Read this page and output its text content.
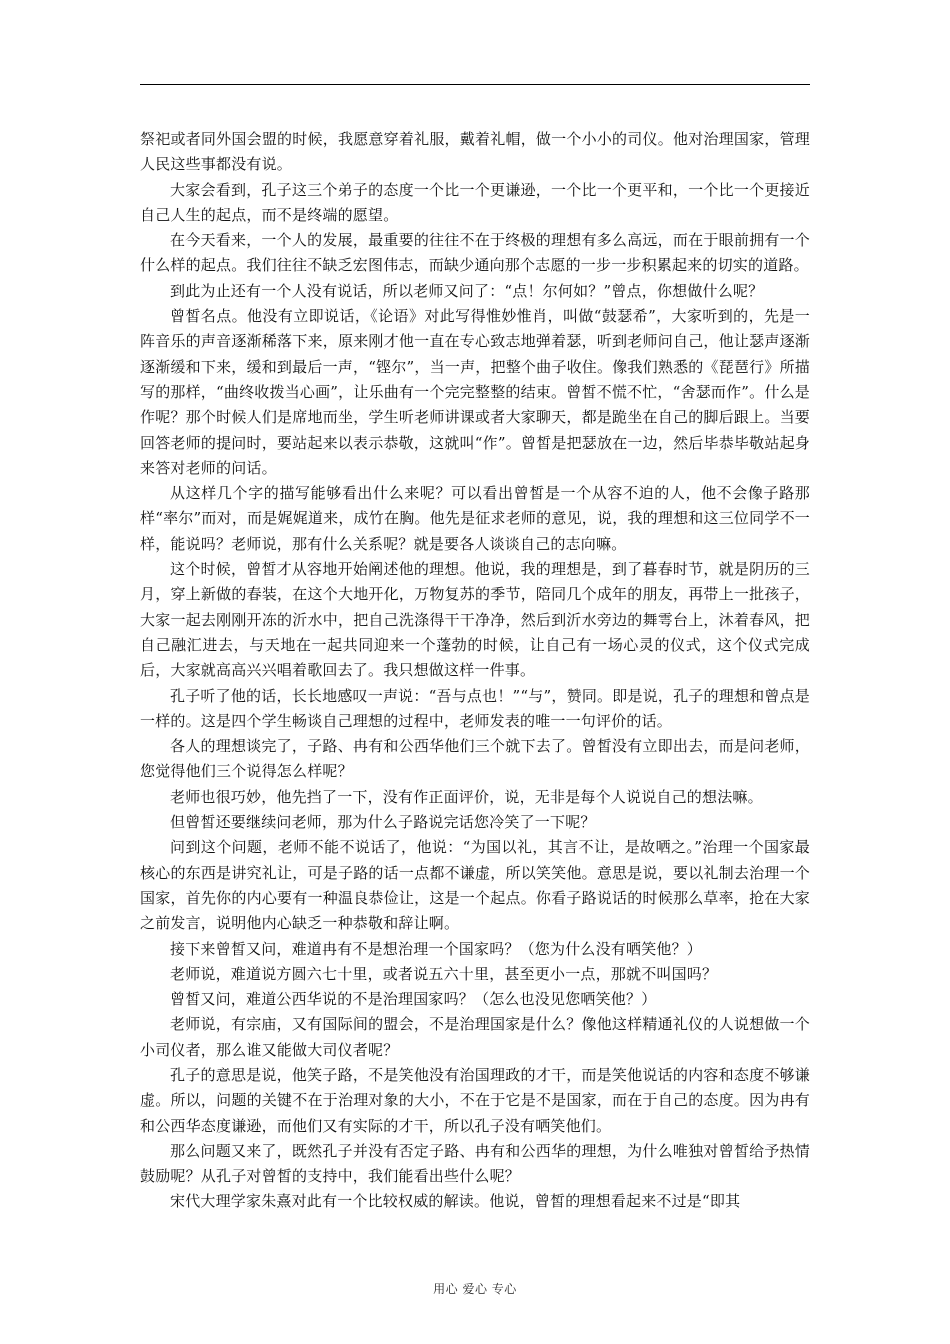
祭祀或者同外国会盟的时候，我愿意穿着礼服，戴着礼帽，做一个小小的司仪。他对治理国家，管理人民这些事都没有说。

大家会看到，孔子这三个弟子的态度一个比一个更谦逊，一个比一个更平和，一个比一个更接近自己人生的起点，而不是终端的愿望。

在今天看来，一个人的发展，最重要的往往不在于终极的理想有多么高远，而在于眼前拥有一个什么样的起点。我们往往不缺乏宏图伟志，而缺少通向那个志愿的一步一步积累起来的切实的道路。

到此为止还有一个人没有说话，所以老师又问了：“点！尔何如？”曾点，你想做什么呢？

曾皙名点。他没有立即说话，《论语》对此写得惟妙惟肖，叫做“鼓瑟希”，大家听到的，先是一阵音乐的声音逐渐稀落下来，原来刚才他一直在专心致志地弹着瑟，听到老师问自己，他让瑟声逐渐逐渐缓和下来，缓和到最后一声，“铿尔”，当一声，把整个曲子收住。像我们熟悉的《琵琶行》所描写的那样，“曲终收拨当心画”，让乐曲有一个完完整整的结束。曾皙不慌不忙，“舍瑟而作”。什么是作呢？那个时候人们是席地而坐，学生听老师讲课或者大家聊天，都是跪坐在自己的脚后跟上。当要回答老师的提问时，要站起来以表示恭敬，这就叫“作”。曾皙是把瑟放在一边，然后毕恭毕敬站起身来答对老师的问话。

从这样几个字的描写能够看出什么来呢？可以看出曾皙是一个从容不迫的人，他不会像子路那样“率尔”而对，而是娓娓道来，成竹在胸。他先是征求老师的意见，说，我的理想和这三位同学不一样，能说吗？老师说，那有什么关系呢？就是要各人谈谈自己的志向嘛。

这个时候，曾皙才从容地开始阐述他的理想。他说，我的理想是，到了暮春时节，就是阴历的三月，穿上新做的春装，在这个大地开化，万物复苏的季节，陪同几个成年的朋友，再带上一批孩子，大家一起去刚刚开冻的沂水中，把自己洗涤得干干净净，然后到沂水旁边的舞雩台上，沐着春风，把自己融汇进去，与天地在一起共同迎来一个蓬勃的时候，让自己有一场心灵的仪式，这个仪式完成后，大家就高高兴兴唱着歌回去了。我只想做这样一件事。

孔子听了他的话，长长地感叹一声说：“吾与点也！”“与”，赞同。即是说，孔子的理想和曾点是一样的。这是四个学生畅谈自己理想的过程中，老师发表的唯一一句评价的话。

各人的理想谈完了，子路、冉有和公西华他们三个就下去了。曾皙没有立即出去，而是问老师，您觉得他们三个说得怎么样呢？

老师也很巧妙，他先挡了一下，没有作正面评价，说，无非是每个人说说自己的想法嘛。

但曾皙还要继续问老师，那为什么子路说完话您冷笑了一下呢？

问到这个问题，老师不能不说话了，他说：“为国以礼，其言不让，是故哂之。”治理一个国家最核心的东西是讲究礼让，可是子路的话一点都不谦虚，所以笑笑他。意思是说，要以礼制去治理一个国家，首先你的内心要有一种温良恭俭让，这是一个起点。你看子路说话的时候那么草率，抢在大家之前发言，说明他内心缺乏一种恭敬和辞让啊。

接下来曾皙又问，难道冉有不是想治理一个国家吗？（您为什么没有哂笑他？）

老师说，难道说方圆六七十里，或者说五六十里，甚至更小一点，那就不叫国吗？

曾皙又问，难道公西华说的不是治理国家吗？（怎么也没见您哂笑他？）

老师说，有宗庙，又有国际间的盟会，不是治理国家是什么？像他这样精通礼仪的人说想做一个小司仪者，那么谁又能做大司仪者呢？

孔子的意思是说，他笑子路，不是笑他没有治国理政的才干，而是笑他说话的内容和态度不够谦虚。所以，问题的关键不在于治理对象的大小，不在于它是不是国家，而在于自己的态度。因为冉有和公西华态度谦逊，而他们又有实际的才干，所以孔子没有哂笑他们。

那么问题又来了，既然孔子并没有否定子路、冉有和公西华的理想，为什么唯独对曾皙给予热情鼓励呢？从孔子对曾皙的支持中，我们能看出些什么呢？

宋代大理学家朱熹对此有一个比较权威的解读。他说，曾皙的理想看起来不过是“即其

用心 爱心 专心
